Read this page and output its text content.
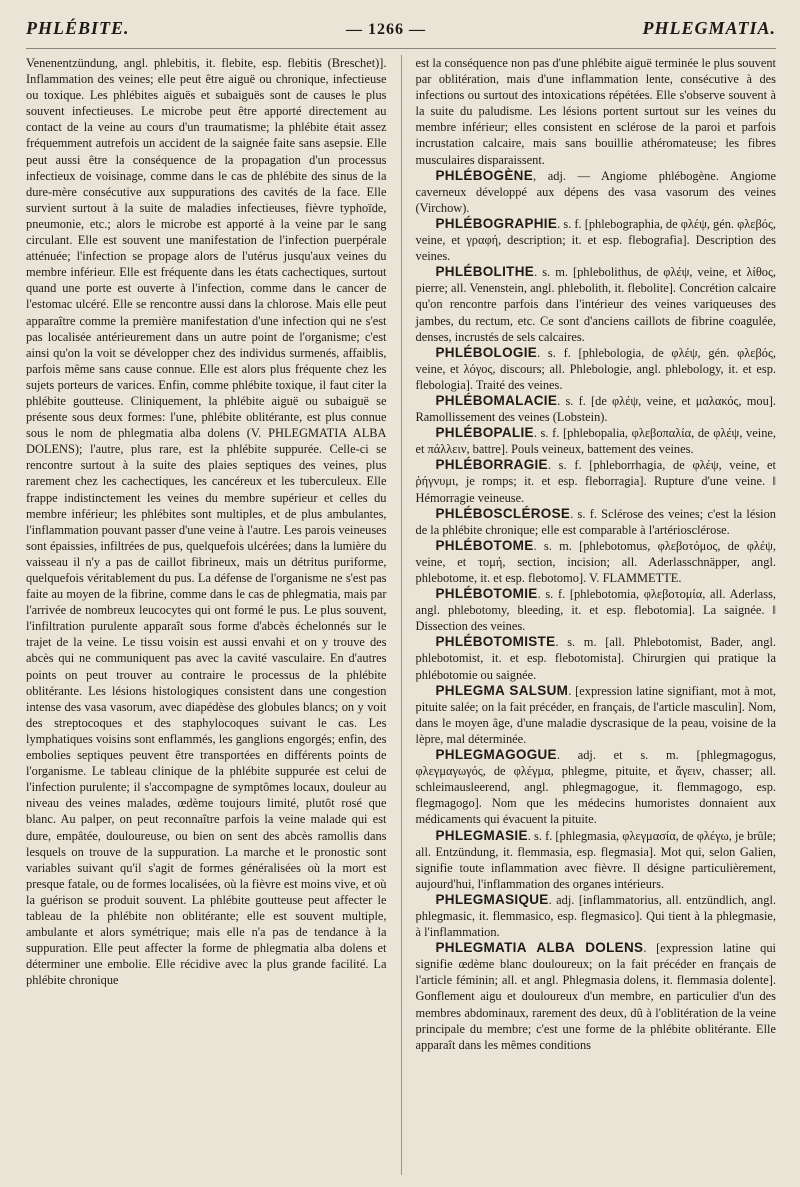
PHLÉBITE.	— 1266 —	PHLEGMATIA.

Venenentzündung, angl. phlebitis, it. flebite, esp. flebitis (Breschet)]. Inflammation des veines; elle peut être aiguë ou chronique, infectieuse ou toxique. Les phlébites aiguës et subaiguës sont de causes le plus souvent infectieuses. Le microbe peut être apporté directement au contact de la veine au cours d'un traumatisme; la phlébite était assez fréquemment autrefois un accident de la saignée faite sans asepsie. Elle peut aussi être la conséquence de la propagation d'un processus infectieux de voisinage, comme dans le cas de phlébite des sinus de la dure-mère consécutive aux suppurations des cavités de la face. Elle survient surtout à la suite de maladies infectieuses, fièvre typhoïde, pneumonie, etc.; alors le microbe est apporté à la veine par le sang circulant. Elle est souvent une manifestation de l'infection puerpérale atténuée; l'infection se propage alors de l'utérus jusqu'aux veines du membre inférieur. Elle est fréquente dans les états cachectiques, surtout quand une porte est ouverte à l'infection, comme dans le cancer de l'estomac ulcéré. Elle se rencontre aussi dans la chlorose. Mais elle peut apparaître comme la première manifestation d'une infection qui ne s'est pas localisée antérieurement dans un autre point de l'organisme; c'est ainsi qu'on la voit se développer chez des individus surmenés, affaiblis, parfois même sans cause connue. Elle est alors plus fréquente chez les sujets porteurs de varices. Enfin, comme phlébite toxique, il faut citer la phlébite goutteuse. Cliniquement, la phlébite aiguë ou subaiguë se présente sous deux formes: l'une, phlébite oblitérante, est plus connue sous le nom de phlegmatia alba dolens (V. PHLEGMATIA ALBA DOLENS); l'autre, plus rare, est la phlébite suppurée. Celle-ci se rencontre surtout à la suite des plaies septiques des veines, plus rarement chez les cachectiques, les cancéreux et les tuberculeux. Elle frappe indistinctement les veines du membre supérieur et celles du membre inférieur; les phlébites sont multiples, et de plus ambulantes, l'inflammation pouvant passer d'une veine à l'autre. Les parois veineuses sont épaissies, infiltrées de pus, quelquefois ulcérées; dans la lumière du vaisseau il n'y a pas de caillot fibrineux, mais un détritus puriforme, quelquefois véritablement du pus. La défense de l'organisme ne s'est pas faite au moyen de la fibrine, comme dans le cas de phlegmatia, mais par l'arrivée de nombreux leucocytes qui ont formé le pus. Le plus souvent, l'infiltration purulente apparaît sous forme d'abcès échelonnés sur le trajet de la veine. Le tissu voisin est aussi envahi et on y trouve des abcès qui ne communiquent pas avec la cavité vasculaire. En d'autres points on peut trouver au contraire le processus de la phlébite oblitérante. Les lésions histologiques consistent dans une congestion intense des vasa vasorum, avec diapédèse des globules blancs; on y voit des streptocoques et des staphylocoques suivant le cas. Les lymphatiques voisins sont enflammés, les ganglions engorgés; enfin, des embolies septiques peuvent être transportées en différents points de l'organisme. Le tableau clinique de la phlébite suppurée est celui de l'infection purulente; il s'accompagne de symptômes locaux, douleur au niveau des veines malades, œdème toujours limité, plutôt rosé que blanc. Au palper, on peut reconnaître parfois la veine malade qui est dure, empâtée, douloureuse, ou bien on sent des abcès ramollis dans lesquels on trouve de la suppuration. La marche et le pronostic sont variables suivant qu'il s'agit de formes généralisées où la mort est presque fatale, ou de formes localisées, où la fièvre est moins vive, et où la guérison se produit souvent. La phlébite goutteuse peut affecter le tableau de la phlébite non oblitérante; elle est souvent multiple, ambulante et alors symétrique; mais elle n'a pas de tendance à la suppuration. Elle peut affecter la forme de phlegmatia alba dolens et déterminer une embolie. Elle récidive avec la plus grande facilité. La phlébite chronique

est la conséquence non pas d'une phlébite aiguë terminée le plus souvent par oblitération, mais d'une inflammation lente, consécutive à des infections ou surtout des intoxications répétées. Elle s'observe souvent à la suite du paludisme. Les lésions portent surtout sur les veines du membre inférieur; elles consistent en sclérose de la paroi et parfois incrustation calcaire, mais sans bouillie athéromateuse; les fibres musculaires disparaissent.

PHLÉBOGÈNE, adj. — Angiome phlébogène. Angiome caverneux développé aux dépens des vasa vasorum des veines (Virchow).

PHLÉBOGRAPHIE. s. f. [phlebographia, de φλέψ, gén. φλεβός, veine, et γραφή, description; it. et esp. flebografia]. Description des veines.

PHLÉBOLITHE. s. m. [phlebolithus, de φλέψ, veine, et λίθος, pierre; all. Venenstein, angl. phlebolith, it. flebolite]. Concrétion calcaire qu'on rencontre parfois dans l'intérieur des veines variqueuses des jambes, du rectum, etc. Ce sont d'anciens caillots de fibrine coagulée, denses, incrustés de sels calcaires.

PHLÉBOLOGIE. s. f. [phlebologia, de φλέψ, gén. φλεβός, veine, et λόγος, discours; all. Phlebologie, angl. phlebology, it. et esp. flebologia]. Traité des veines.

PHLÉBOMALACIE. s. f. [de φλέψ, veine, et μαλακός, mou]. Ramollissement des veines (Lobstein).

PHLÉBOPALIE. s. f. [phlebopalia, φλεβοπαλία, de φλέψ, veine, et πάλλειν, battre]. Pouls veineux, battement des veines.

PHLÉBORRAGIE. s. f. [phleborrhagia, de φλέψ, veine, et ῥήγνυμι, je romps; it. et esp. fleborragia]. Rupture d'une veine. ‖ Hémorragie veineuse.

PHLÉBOSCLÉROSE. s. f. Sclérose des veines; c'est la lésion de la phlébite chronique; elle est comparable à l'artériosclérose.

PHLÉBOTOME. s. m. [phlebotomus, φλεβοτόμος, de φλέψ, veine, et τομή, section, incision; all. Aderlasschnäpper, angl. phlebotome, it. et esp. flebotomo]. V. FLAMMETTE.

PHLÉBOTOMIE. s. f. [phlebotomia, φλεβοτομία, all. Aderlass, angl. phlebotomy, bleeding, it. et esp. flebotomia]. La saignée. ‖ Dissection des veines.

PHLÉBOTOMISTE. s. m. [all. Phlebotomist, Bader, angl. phlebotomist, it. et esp. flebotomista]. Chirurgien qui pratique la phlébotomie ou saignée.

PHLEGMA SALSUM. [expression latine signifiant, mot à mot, pituite salée; on la fait précéder, en français, de l'article masculin]. Nom, dans le moyen âge, d'une maladie dyscrasique de la peau, voisine de la lèpre, mal déterminée.

PHLEGMAGOGUE. adj. et s. m. [phlegmagogus, φλεγμαγωγός, de φλέγμα, phlegme, pituite, et ἄγειν, chasser; all. schleimausleerend, angl. phlegmagogue, it. flemmagogo, esp. flegmagogo]. Nom que les médecins humoristes donnaient aux médicaments qui évacuent la pituite.

PHLEGMASIE. s. f. [phlegmasia, φλεγμασία, de φλέγω, je brûle; all. Entzündung, it. flemmasia, esp. flegmasia]. Mot qui, selon Galien, signifie toute inflammation avec fièvre. Il désigne particulièrement, aujourd'hui, l'inflammation des organes intérieurs.

PHLEGMASIQUE. adj. [inflammatorius, all. entzündlich, angl. phlegmasic, it. flemmasico, esp. flegmasico]. Qui tient à la phlegmasie, à l'inflammation.

PHLEGMATIA ALBA DOLENS. [expression latine qui signifie œdème blanc douloureux; on la fait précéder en français de l'article féminin; all. et angl. Phlegmasia dolens, it. flemmasia dolente]. Gonflement aigu et douloureux d'un membre, en particulier d'un des membres abdominaux, rarement des deux, dû à l'oblitération de la veine principale du membre; c'est une forme de la phlébite oblitérante. Elle apparaît dans les mêmes conditions
